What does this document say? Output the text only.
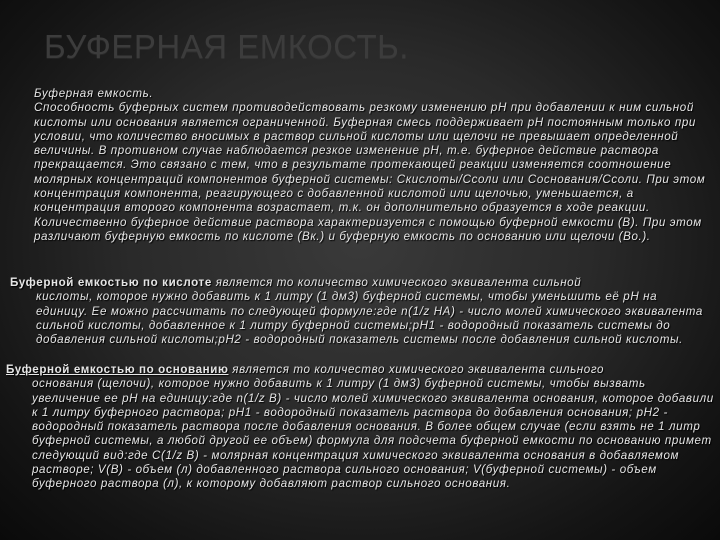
БУФЕРНАЯ ЕМКОСТЬ.
Буферная емкость.
Способность буферных систем противодействовать резкому изменению pH при добавлении к ним сильной кислоты или основания является ограниченной. Буферная смесь поддерживает pH постоянным только при условии, что количество вносимых в раствор сильной кислоты или щелочи не превышает определенной величины. В противном случае наблюдается резкое изменение pH, т.е. буферное действие раствора прекращается. Это связано с тем, что в результате протекающей реакции изменяется соотношение молярных концентраций компонентов буферной системы: Cкислоты/Cсоли или Cоснования/Cсоли. При этом концентрация компонента, реагирующего с добавленной кислотой или щелочью, уменьшается, а концентрация второго компонента возрастает, т.к. он дополнительно образуется в ходе реакции. Количественно буферное действие раствора характеризуется с помощью буферной емкости (В). При этом различают буферную емкость по кислоте (Вк.) и буферную емкость по основанию или щелочи (Во.).
Буферной емкостью по кислоте является то количество химического эквивалента сильной
кислоты, которое нужно добавить к 1 литру (1 дм3) буферной системы, чтобы уменьшить её pH на единицу. Ее можно рассчитать по следующей формуле:где n(1/z HA) - число молей химического эквивалента сильной кислоты, добавленное к 1 литру буферной системы;pH1 - водородный показатель системы до добавления сильной кислоты;pH2 - водородный показатель системы после добавления сильной кислоты.
Буферной емкостью по основанию является то количество химического эквивалента сильного
основания (щелочи), которое нужно добавить к 1 литру (1 дм3) буферной системы, чтобы вызвать увеличение ее pH на единицу:где n(1/z B) - число молей химического эквивалента основания, которое добавили к 1 литру буферного раствора; pH1 - водородный показатель раствора до добавления основания; pH2 - водородный показатель раствора после добавления основания. В более общем случае (если взять не 1 литр буферной системы, а любой другой ее объем) формула для подсчета буферной емкости по основанию примет следующий вид:где C(1/z B) - молярная концентрация химического эквивалента основания в добавляемом растворе; V(B) - объем (л) добавленного раствора сильного основания; V(буферной системы) - объем буферного раствора (л), к которому добавляют раствор сильного основания.
